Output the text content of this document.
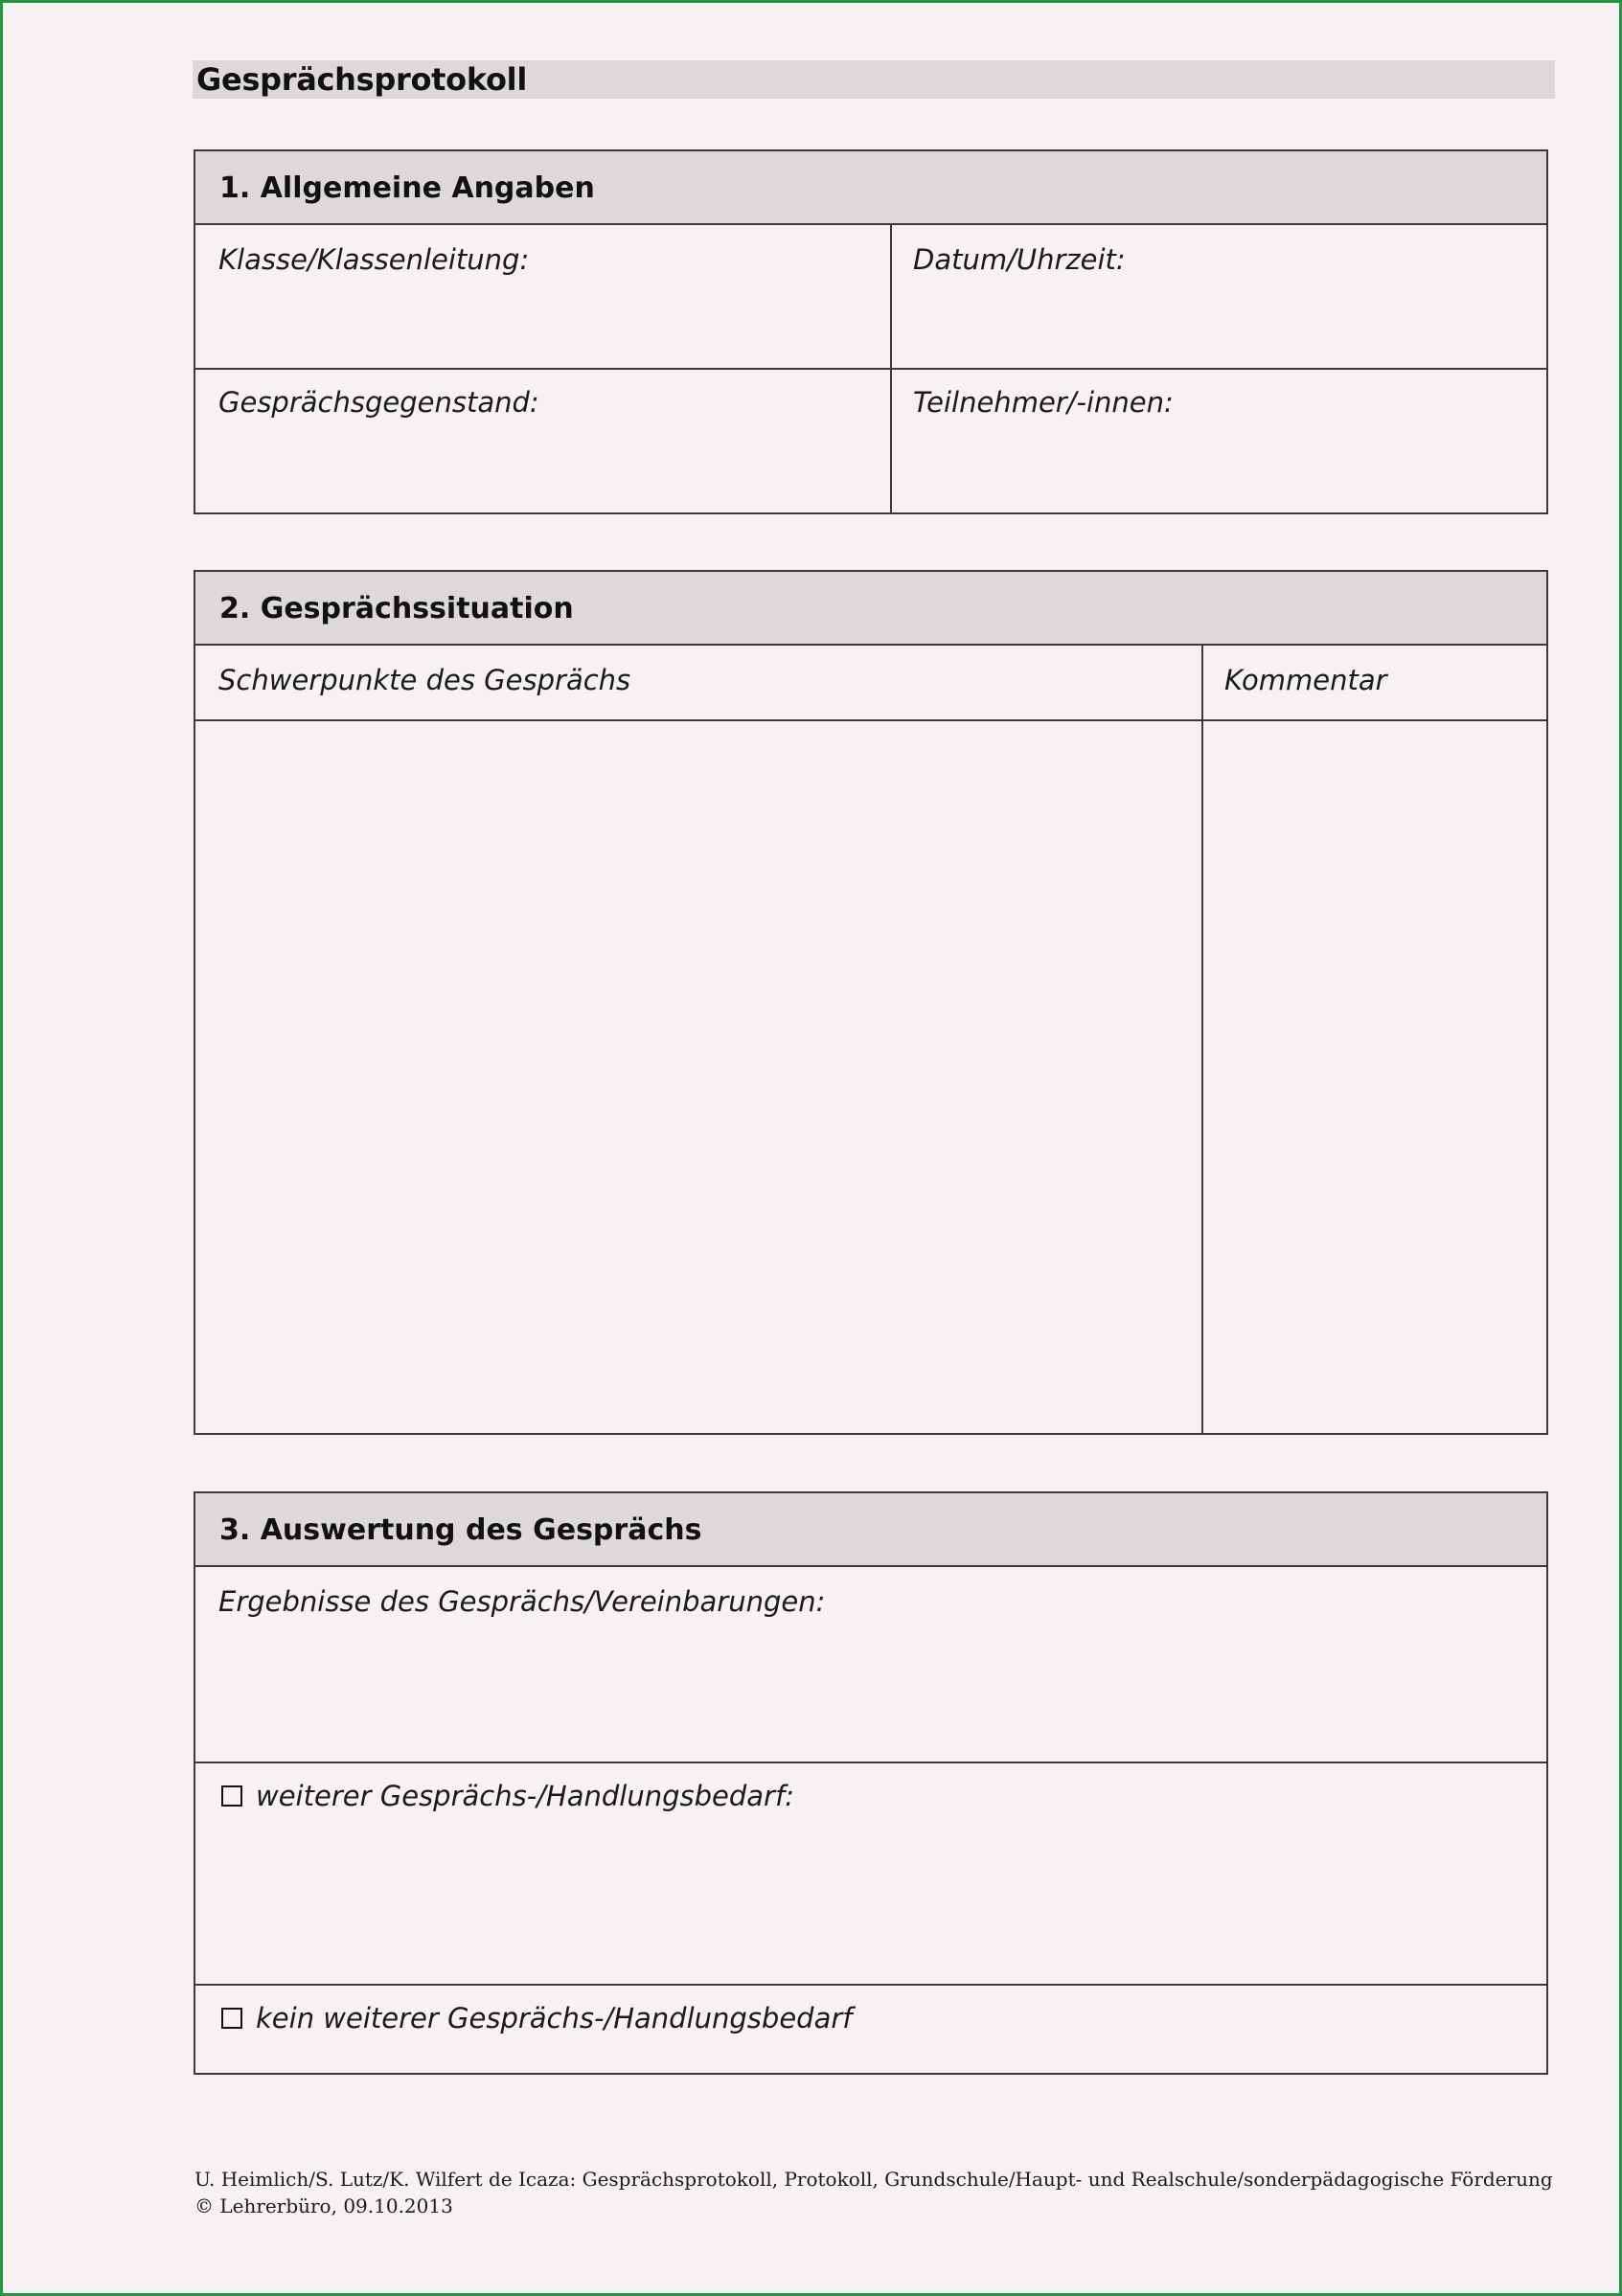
Gesprächsprotokoll
1. Allgemeine Angaben
Klasse/Klassenleitung:	Datum/Uhrzeit:
Gesprächsgegenstand:	Teilnehmer/-innen:
2. Gesprächssituation
Schwerpunkte des Gesprächs	Kommentar
3. Auswertung des Gesprächs
Ergebnisse des Gesprächs/Vereinbarungen:
weiterer Gesprächs-/Handlungsbedarf:
kein weiterer Gesprächs-/Handlungsbedarf
U. Heimlich/S. Lutz/K. Wilfert de Icaza: Gesprächsprotokoll, Protokoll, Grundschule/Haupt- und Realschule/sonderpädagogische Förderung
© Lehrerbüro, 09.10.2013
